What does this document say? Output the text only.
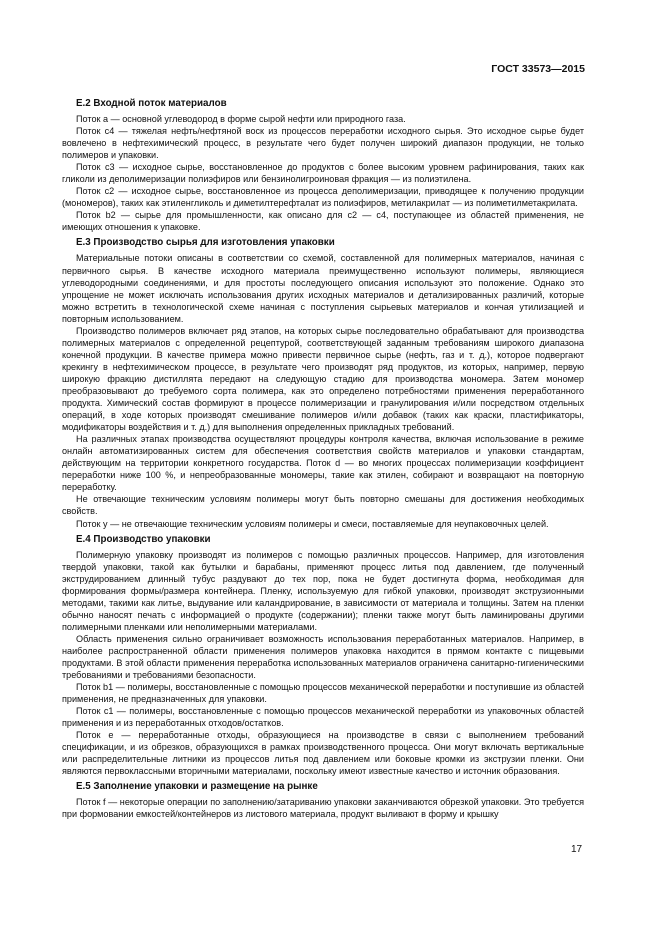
ГОСТ 33573—2015
Е.2 Входной поток материалов

Поток a — основной углеводород в форме сырой нефти или природного газа.

Поток c4 — тяжелая нефть/нефтяной воск из процессов переработки исходного сырья. Это исходное сырье будет вовлечено в нефтехимический процесс, в результате чего будет получен широкий диапазон продукции, не только полимеров и упаковки.

Поток c3 — исходное сырье, восстановленное до продуктов с более высоким уровнем рафинирования, таких как гликоли из деполимеризации полиэфиров или бензинолигроиновая фракция — из полиэтилена.

Поток c2 — исходное сырье, восстановленное из процесса деполимеризации, приводящее к получению продукции (мономеров), таких как этиленгликоль и диметилтерефталат из полиэфиров, метилакрилат — из полиметилметакрилата.

Поток b2 — сырье для промышленности, как описано для c2 — c4, поступающее из областей применения, не имеющих отношения к упаковке.

Е.3 Производство сырья для изготовления упаковки

Материальные потоки описаны в соответствии со схемой, составленной для полимерных материалов, начиная с первичного сырья. В качестве исходного материала преимущественно используют полимеры, являющиеся углеводородными соединениями, и для простоты последующего описания используют это положение. Однако это упрощение не может исключать использования других исходных материалов и детализированных различий, которые можно встретить в технологической схеме начиная с поступления сырьевых материалов и кончая утилизацией и повторным использованием.

Производство полимеров включает ряд этапов, на которых сырье последовательно обрабатывают для производства полимерных материалов с определенной рецептурой, соответствующей заданным требованиям широкого диапазона конечной продукции. В качестве примера можно привести первичное сырье (нефть, газ и т. д.), которое подвергают крекингу в нефтехимическом процессе, в результате чего производят ряд продуктов, из которых, например, первую широкую фракцию дистиллята передают на следующую стадию для производства мономера. Затем мономер преобразовывают до требуемого сорта полимера, как это определено потребностями применения переработанного продукта. Химический состав формируют в процессе полимеризации и гранулирования и/или посредством отдельных операций, в ходе которых производят смешивание полимеров и/или добавок (таких как краски, пластификаторы, модификаторы воздействия и т. д.) для выполнения определенных прикладных требований.

На различных этапах производства осуществляют процедуры контроля качества, включая использование в режиме онлайн автоматизированных систем для обеспечения соответствия свойств материалов и упаковки стандартам, действующим на территории конкретного государства. Поток d — во многих процессах полимеризации коэффициент переработки ниже 100 %, и непреобразованные мономеры, такие как этилен, собирают и возвращают на повторную переработку.

Не отвечающие техническим условиям полимеры могут быть повторно смешаны для достижения необходимых свойств.

Поток y — не отвечающие техническим условиям полимеры и смеси, поставляемые для неупаковочных целей.

Е.4 Производство упаковки

Полимерную упаковку производят из полимеров с помощью различных процессов. Например, для изготовления твердой упаковки, такой как бутылки и барабаны, применяют процесс литья под давлением, где полученный экструдированием длинный тубус раздувают до тех пор, пока не будет достигнута форма, необходимая для формирования формы/размера контейнера. Пленку, используемую для гибкой упаковки, производят экструзионными методами, такими как литье, выдувание или каландрирование, в зависимости от материала и толщины. Затем на пленки обычно наносят печать с информацией о продукте (содержании); пленки также могут быть ламинированы другими полимерными пленками или неполимерными материалами.

Область применения сильно ограничивает возможность использования переработанных материалов. Например, в наиболее распространенной области применения полимеров упаковка находится в прямом контакте с пищевыми продуктами. В этой области применения переработка использованных материалов ограничена санитарно-гигиеническими требованиями и требованиями безопасности.

Поток b1 — полимеры, восстановленные с помощью процессов механической переработки и поступившие из областей применения, не предназначенных для упаковки.

Поток c1 — полимеры, восстановленные с помощью процессов механической переработки из упаковочных областей применения и из переработанных отходов/остатков.

Поток e — переработанные отходы, образующиеся на производстве в связи с выполнением требований спецификации, и из обрезков, образующихся в рамках производственного процесса. Они могут включать вертикальные или распределительные литники из процессов литья под давлением или боковые кромки из экструзии пленки. Они являются первоклассными вторичными материалами, поскольку имеют известные качество и источник образования.

Е.5 Заполнение упаковки и размещение на рынке

Поток f — некоторые операции по заполнению/затариванию упаковки заканчиваются обрезкой упаковки. Это требуется при формовании емкостей/контейнеров из листового материала, продукт выливают в форму и крышку

17
